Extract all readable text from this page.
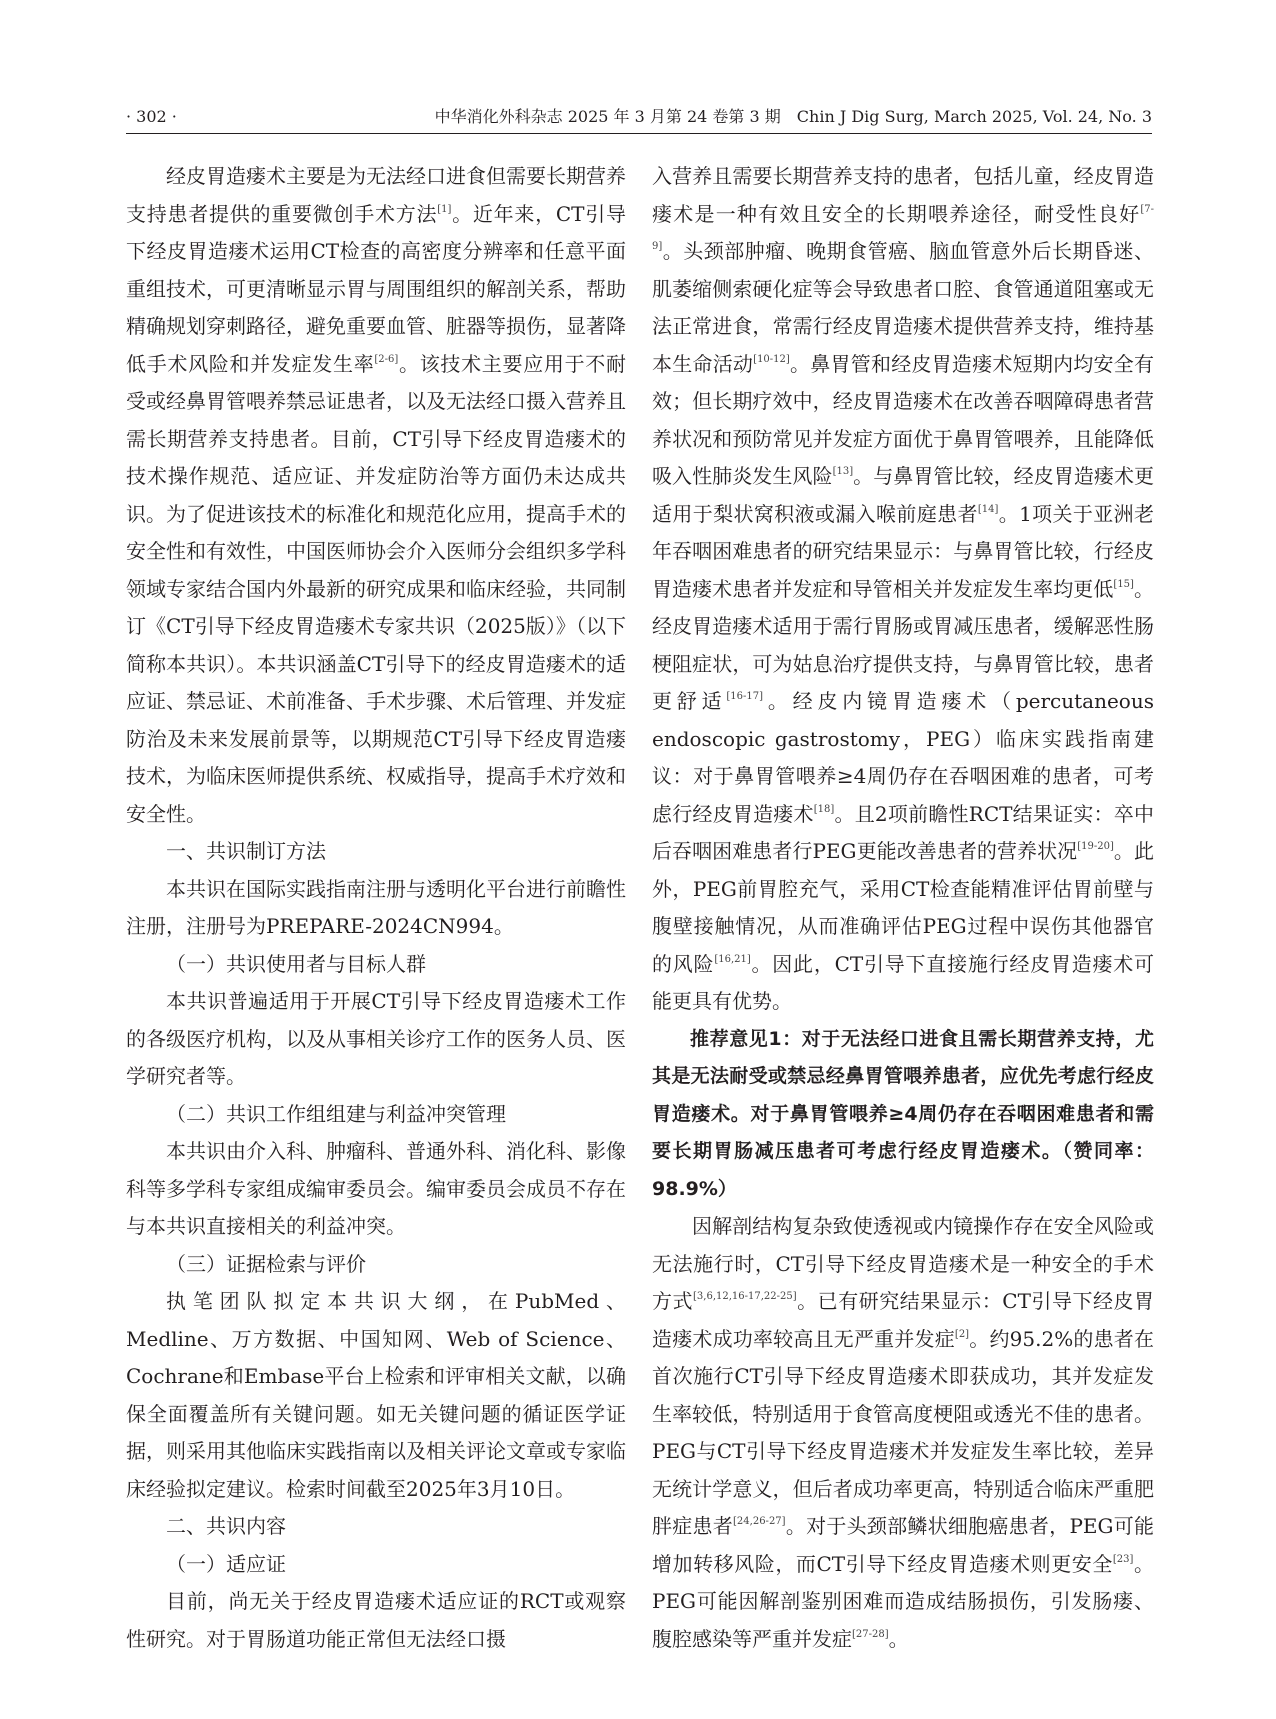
· 302 ·	中华消化外科杂志 2025 年 3 月第 24 卷第 3 期　Chin J Dig Surg, March 2025, Vol. 24, No. 3

经皮胃造瘘术主要是为无法经口进食但需要长期营养支持患者提供的重要微创手术方法[1]。近年来，CT引导下经皮胃造瘘术运用CT检查的高密度分辨率和任意平面重组技术，可更清晰显示胃与周围组织的解剖关系，帮助精确规划穿刺路径，避免重要血管、脏器等损伤，显著降低手术风险和并发症发生率[2-6]。该技术主要应用于不耐受或经鼻胃管喂养禁忌证患者，以及无法经口摄入营养且需长期营养支持患者。目前，CT引导下经皮胃造瘘术的技术操作规范、适应证、并发症防治等方面仍未达成共识。为了促进该技术的标准化和规范化应用，提高手术的安全性和有效性，中国医师协会介入医师分会组织多学科领域专家结合国内外最新的研究成果和临床经验，共同制订《CT引导下经皮胃造瘘术专家共识（2025版）》（以下简称本共识）。本共识涵盖CT引导下的经皮胃造瘘术的适应证、禁忌证、术前准备、手术步骤、术后管理、并发症防治及未来发展前景等，以期规范CT引导下经皮胃造瘘技术，为临床医师提供系统、权威指导，提高手术疗效和安全性。

一、共识制订方法

本共识在国际实践指南注册与透明化平台进行前瞻性注册，注册号为PREPARE-2024CN994。

（一）共识使用者与目标人群

本共识普遍适用于开展CT引导下经皮胃造瘘术工作的各级医疗机构，以及从事相关诊疗工作的医务人员、医学研究者等。

（二）共识工作组组建与利益冲突管理

本共识由介入科、肿瘤科、普通外科、消化科、影像科等多学科专家组成编审委员会。编审委员会成员不存在与本共识直接相关的利益冲突。

（三）证据检索与评价

执笔团队拟定本共识大纲，在PubMed、Medline、万方数据、中国知网、Web of Science、Cochrane和Embase平台上检索和评审相关文献，以确保全面覆盖所有关键问题。如无关键问题的循证医学证据，则采用其他临床实践指南以及相关评论文章或专家临床经验拟定建议。检索时间截至2025年3月10日。

二、共识内容

（一）适应证

目前，尚无关于经皮胃造瘘术适应证的RCT或观察性研究。对于胃肠道功能正常但无法经口摄

入营养且需要长期营养支持的患者，包括儿童，经皮胃造瘘术是一种有效且安全的长期喂养途径，耐受性良好[7-9]。头颈部肿瘤、晚期食管癌、脑血管意外后长期昏迷、肌萎缩侧索硬化症等会导致患者口腔、食管通道阻塞或无法正常进食，常需行经皮胃造瘘术提供营养支持，维持基本生命活动[10-12]。鼻胃管和经皮胃造瘘术短期内均安全有效；但长期疗效中，经皮胃造瘘术在改善吞咽障碍患者营养状况和预防常见并发症方面优于鼻胃管喂养，且能降低吸入性肺炎发生风险[13]。与鼻胃管比较，经皮胃造瘘术更适用于梨状窝积液或漏入喉前庭患者[14]。1项关于亚洲老年吞咽困难患者的研究结果显示：与鼻胃管比较，行经皮胃造瘘术患者并发症和导管相关并发症发生率均更低[15]。经皮胃造瘘术适用于需行胃肠或胃减压患者，缓解恶性肠梗阻症状，可为姑息治疗提供支持，与鼻胃管比较，患者更舒适[16-17]。经皮内镜胃造瘘术（percutaneous endoscopic gastrostomy，PEG）临床实践指南建议：对于鼻胃管喂养≥4周仍存在吞咽困难的患者，可考虑行经皮胃造瘘术[18]。且2项前瞻性RCT结果证实：卒中后吞咽困难患者行PEG更能改善患者的营养状况[19-20]。此外，PEG前胃腔充气，采用CT检查能精准评估胃前壁与腹壁接触情况，从而准确评估PEG过程中误伤其他器官的风险[16,21]。因此，CT引导下直接施行经皮胃造瘘术可能更具有优势。

推荐意见1：对于无法经口进食且需长期营养支持，尤其是无法耐受或禁忌经鼻胃管喂养患者，应优先考虑行经皮胃造瘘术。对于鼻胃管喂养≥4周仍存在吞咽困难患者和需要长期胃肠减压患者可考虑行经皮胃造瘘术。（赞同率：98.9%）

因解剖结构复杂致使透视或内镜操作存在安全风险或无法施行时，CT引导下经皮胃造瘘术是一种安全的手术方式[3,6,12,16-17,22-25]。已有研究结果显示：CT引导下经皮胃造瘘术成功率较高且无严重并发症[2]。约95.2%的患者在首次施行CT引导下经皮胃造瘘术即获成功，其并发症发生率较低，特别适用于食管高度梗阻或透光不佳的患者。PEG与CT引导下经皮胃造瘘术并发症发生率比较，差异无统计学意义，但后者成功率更高，特别适合临床严重肥胖症患者[24,26-27]。对于头颈部鳞状细胞癌患者，PEG可能增加转移风险，而CT引导下经皮胃造瘘术则更安全[23]。PEG可能因解剖鉴别困难而造成结肠损伤，引发肠瘘、腹腔感染等严重并发症[27-28]。
